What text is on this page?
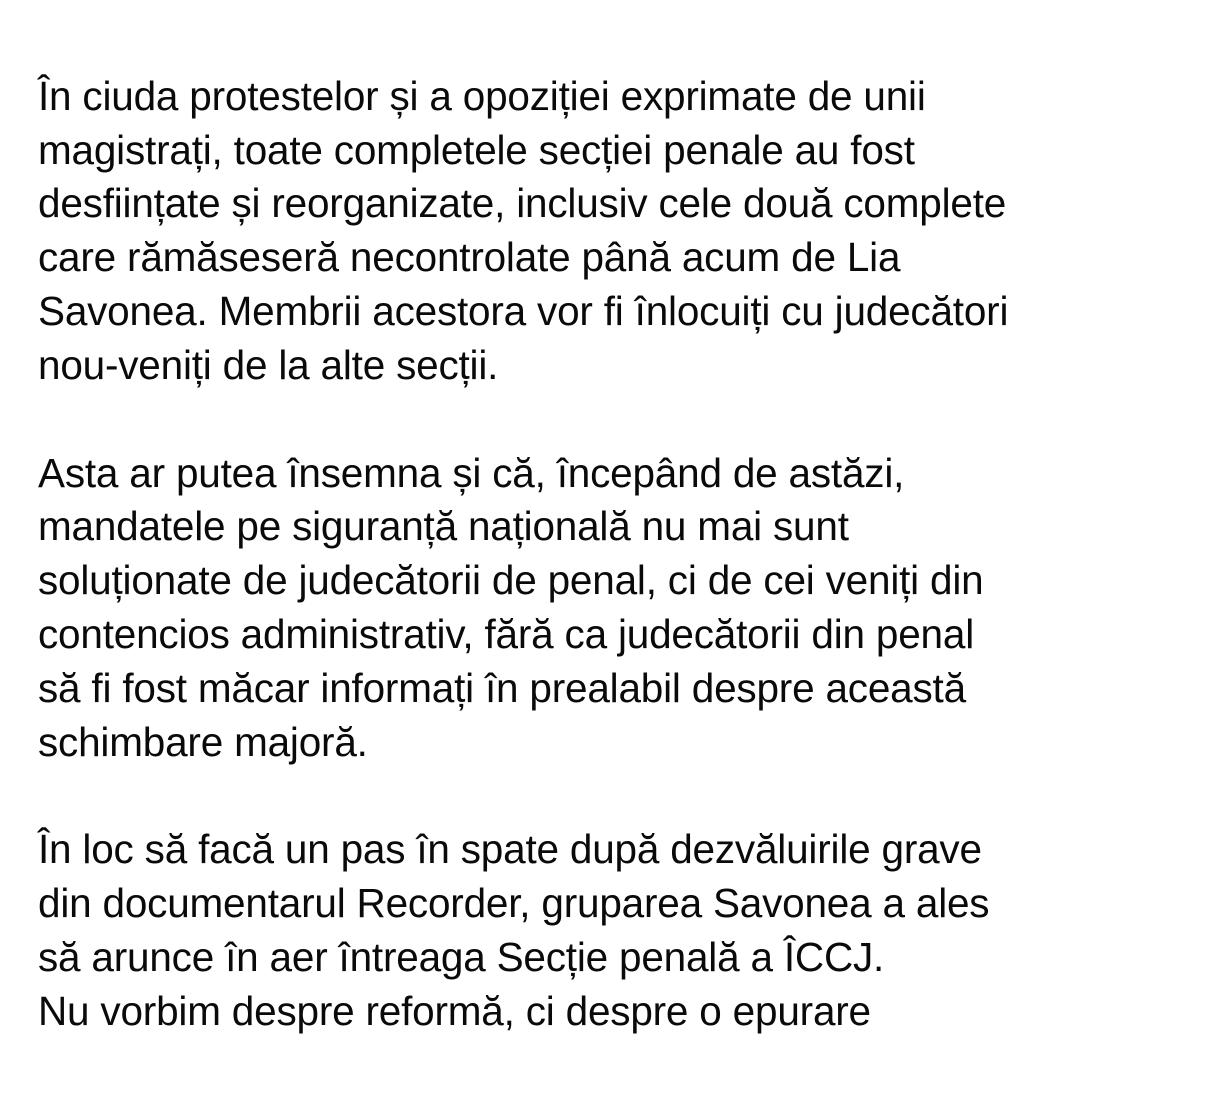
În ciuda protestelor și a opoziției exprimate de unii
magistrați, toate completele secției penale au fost
desființate și reorganizate, inclusiv cele două complete
care rămăseseră necontrolate până acum de Lia
Savonea. Membrii acestora vor fi înlocuiți cu judecători
nou-veniți de la alte secții.
Asta ar putea însemna și că, începând de astăzi,
mandatele pe siguranță națională nu mai sunt
soluționate de judecătorii de penal, ci de cei veniți din
contencios administrativ, fără ca judecătorii din penal
să fi fost măcar informați în prealabil despre această
schimbare majoră.
În loc să facă un pas în spate după dezvăluirile grave
din documentarul Recorder, gruparea Savonea a ales
să arunce în aer întreaga Secție penală a ÎCCJ.
Nu vorbim despre reformă, ci despre o epurare
